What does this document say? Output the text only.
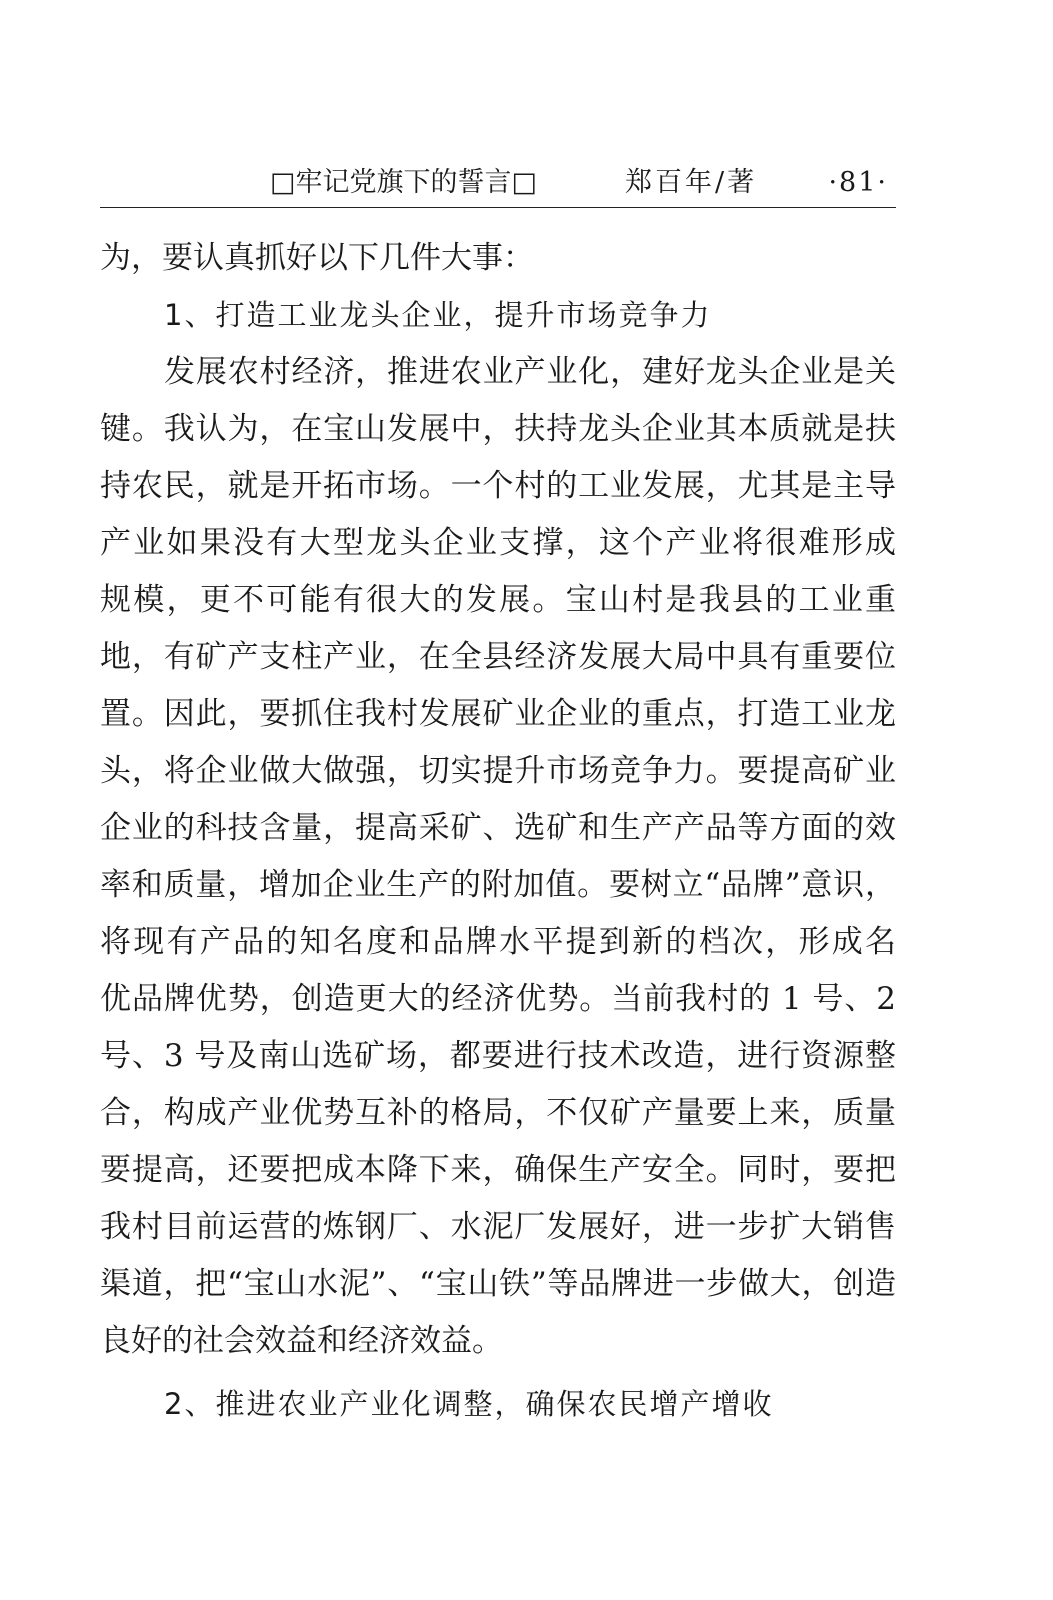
□牢记党旗下的誓言□	郑百年/著	·81·
为，要认真抓好以下几件大事：
1、打造工业龙头企业，提升市场竞争力
发展农村经济，推进农业产业化，建好龙头企业是关
键。我认为，在宝山发展中，扶持龙头企业其本质就是扶
持农民，就是开拓市场。一个村的工业发展，尤其是主导
产业如果没有大型龙头企业支撑，这个产业将很难形成
规模，更不可能有很大的发展。宝山村是我县的工业重
地，有矿产支柱产业，在全县经济发展大局中具有重要位
置。因此，要抓住我村发展矿业企业的重点，打造工业龙
头，将企业做大做强，切实提升市场竞争力。要提高矿业
企业的科技含量，提高采矿、选矿和生产产品等方面的效
率和质量，增加企业生产的附加值。要树立“品牌”意识，
将现有产品的知名度和品牌水平提到新的档次，形成名
优品牌优势，创造更大的经济优势。当前我村的 1 号、2
号、3 号及南山选矿场，都要进行技术改造，进行资源整
合，构成产业优势互补的格局，不仅矿产量要上来，质量
要提高，还要把成本降下来，确保生产安全。同时，要把
我村目前运营的炼钢厂、水泥厂发展好，进一步扩大销售
渠道，把“宝山水泥”、“宝山铁”等品牌进一步做大，创造
良好的社会效益和经济效益。
2、推进农业产业化调整，确保农民增产增收
